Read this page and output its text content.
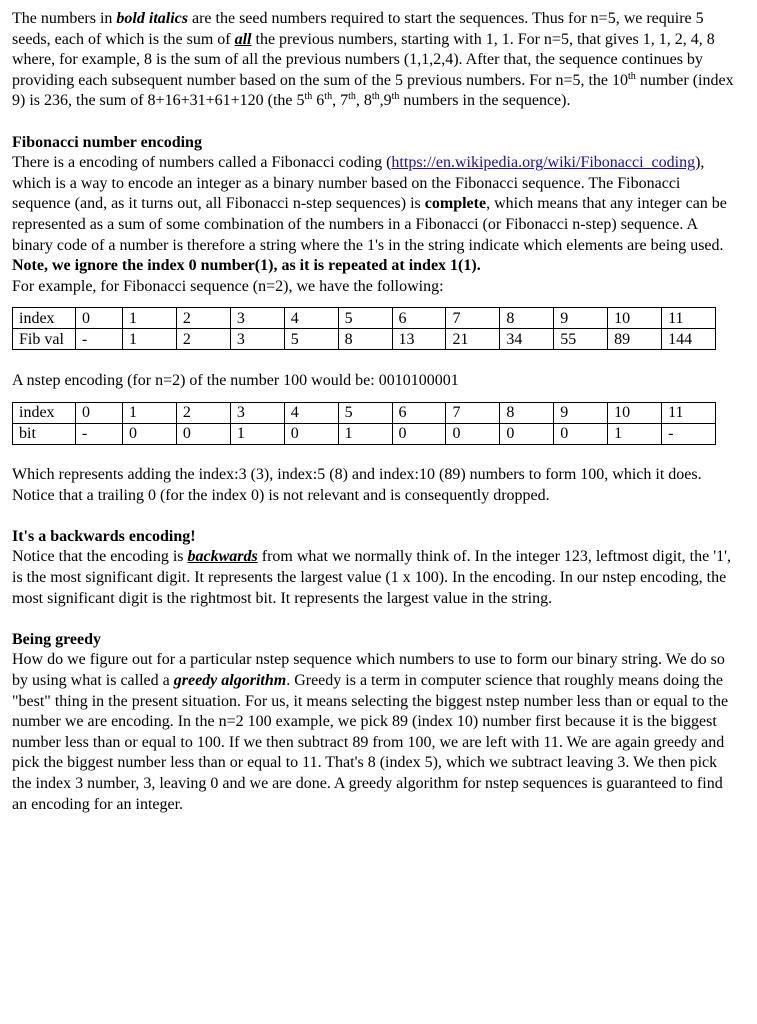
The numbers in bold italics are the seed numbers required to start the sequences. Thus for n=5, we require 5 seeds, each of which is the sum of all the previous numbers, starting with 1, 1. For n=5, that gives 1, 1, 2, 4, 8 where, for example, 8 is the sum of all the previous numbers (1,1,2,4). After that, the sequence continues by providing each subsequent number based on the sum of the 5 previous numbers. For n=5, the 10th number (index 9) is 236, the sum of 8+16+31+61+120 (the 5th 6th, 7th, 8th,9th numbers in the sequence).

Fibonacci number encoding

There is a encoding of numbers called a Fibonacci coding (https://en.wikipedia.org/wiki/Fibonacci_coding), which is a way to encode an integer as a binary number based on the Fibonacci sequence. The Fibonacci sequence (and, as it turns out, all Fibonacci n-step sequences) is complete, which means that any integer can be represented as a sum of some combination of the numbers in a Fibonacci (or Fibonacci n-step) sequence. A binary code of a number is therefore a string where the 1's in the string indicate which elements are being used.

Note, we ignore the index 0 number(1), as it is repeated at index 1(1).

For example, for Fibonacci sequence (n=2), we have the following:

index	0	1	2	3	4	5	6	7	8	9	10	11
Fib val	-	1	2	3	5	8	13	21	34	55	89	144

A nstep encoding (for n=2) of the number 100 would be: 0010100001

index	0	1	2	3	4	5	6	7	8	9	10	11
bit	-	0	0	1	0	1	0	0	0	0	1	-

Which represents adding the index:3 (3), index:5 (8) and index:10 (89) numbers to form 100, which it does. Notice that a trailing 0 (for the index 0) is not relevant and is consequently dropped.

It's a backwards encoding!

Notice that the encoding is backwards from what we normally think of. In the integer 123, leftmost digit, the '1', is the most significant digit. It represents the largest value (1 x 100). In the encoding. In our nstep encoding, the most significant digit is the rightmost bit. It represents the largest value in the string.

Being greedy

How do we figure out for a particular nstep sequence which numbers to use to form our binary string. We do so by using what is called a greedy algorithm. Greedy is a term in computer science that roughly means doing the "best" thing in the present situation. For us, it means selecting the biggest nstep number less than or equal to the number we are encoding. In the n=2 100 example, we pick 89 (index 10) number first because it is the biggest number less than or equal to 100. If we then subtract 89 from 100, we are left with 11. We are again greedy and pick the biggest number less than or equal to 11. That's 8 (index 5), which we subtract leaving 3. We then pick the index 3 number, 3, leaving 0 and we are done. A greedy algorithm for nstep sequences is guaranteed to find an encoding for an integer.
